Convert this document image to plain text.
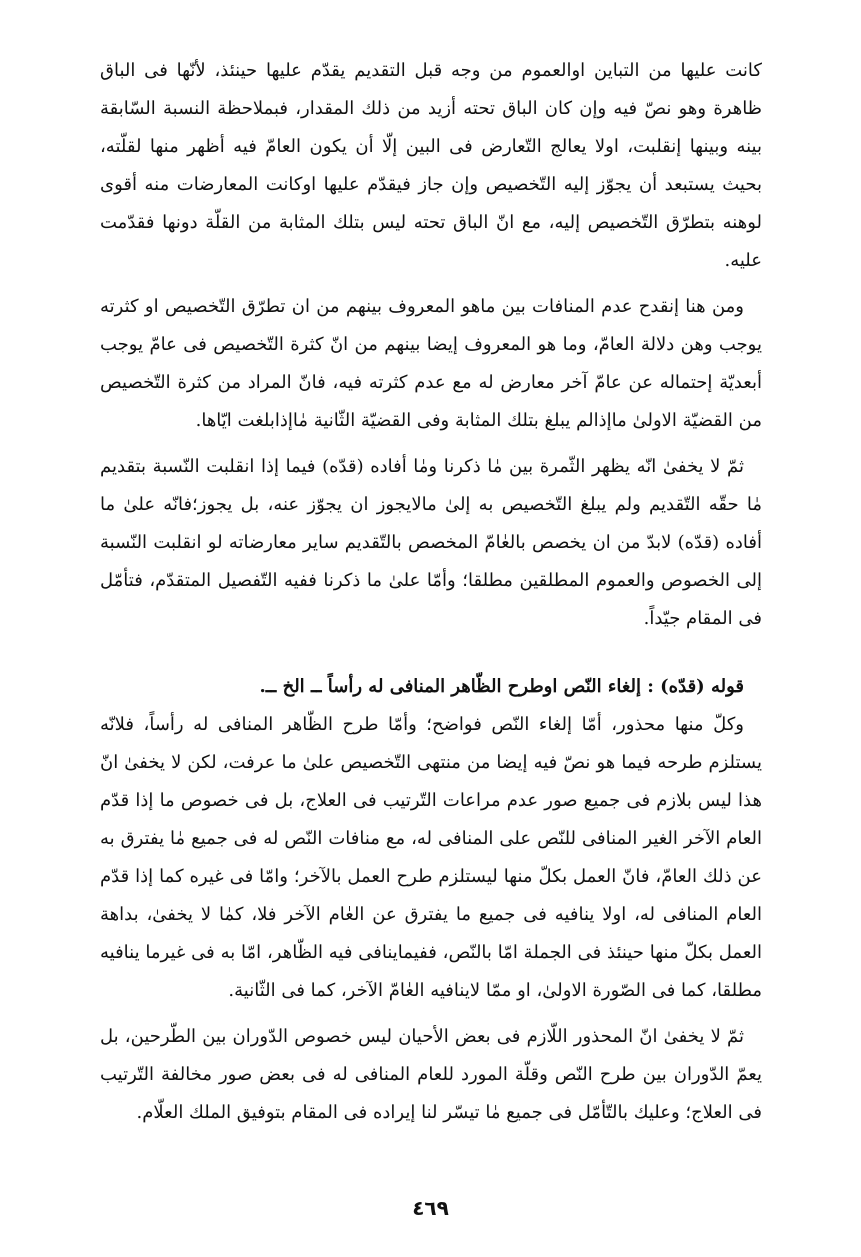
كانت عليها من التباين اوالعموم من وجه قبل التقديم يقدّم عليها حينئذ، لأنّها فى الباق ظاهرة وهو نصّ فيه وإن كان الباق تحته أزيد من ذلك المقدار، فبملاحظة النسبة السّابقة بينه وبينها إنقلبت، اولا يعالج التّعارض فى البين إلّا أن يكون العامّ فيه أظهر منها لقلّته، بحيث يستبعد أن يجوّز إليه التّخصيص وإن جاز فيقدّم عليها اوكانت المعارضات منه أقوى لوهنه بتطرّق التّخصيص إليه، مع انّ الباق تحته ليس بتلك المثابة من القلّة دونها فقدّمت عليه.

ومن هنا إنقدح عدم المنافات بين ماهو المعروف بينهم من ان تطرّق التّخصيص او كثرته يوجب وهن دلالة العامّ، وما هو المعروف إيضا بينهم من انّ كثرة التّخصيص فى عامّ يوجب أبعديّة إحتماله عن عامّ آخر معارض له مع عدم كثرته فيه، فانّ المراد من كثرة التّخصيص من القضيّة الاولىٰ ماإذالم يبلغ بتلك المثابة وفى القضيّة الثّانية مٰاإذابلغت ايّاها.

ثمّ لا يخفىٰ انّه يظهر الثّمرة بين مٰا ذكرنا ومٰا أفاده (قدّه) فيما إذا انقلبت النّسبة بتقديم مٰا حقّه التّقديم ولم يبلغ التّخصيص به إلىٰ مالايجوز ان يجوّز عنه، بل يجوز؛فانّه علىٰ ما أفاده (قدّه) لابدّ من ان يخصص بالعٰامّ المخصص بالتّقديم ساير معارضاته لو انقلبت النّسبة إلى الخصوص والعموم المطلقين مطلقا؛ وأمّا علىٰ ما ذكرنا ففيه التّفصيل المتقدّم، فتأمّل فى المقام جيّداً.

قوله (قدّه) : إلغاء النّص اوطرح الظّاهر المنافى له رأساً ــ الخ ــ.

وكلّ منها محذور، أمّا إلغاء النّص فواضح؛ وأمّا طرح الظّاهر المنافى له رأساً، فلانّه يستلزم طرحه فيما هو نصّ فيه إيضا من منتهى التّخصيص علىٰ ما عرفت، لكن لا يخفىٰ انّ هذا ليس بلازم فى جميع صور عدم مراعات التّرتيب فى العلاج، بل فى خصوص ما إذا قدّم العام الآخر الغير المنافى للنّص على المنافى له، مع منافات النّص له فى جميع مٰا يفترق به عن ذلك العامّ، فانّ العمل بكلّ منها ليستلزم طرح العمل بالآخر؛ وامّا فى غيره كما إذا قدّم العام المنافى له، اولا ينافيه فى جميع ما يفترق عن العٰام الآخر فلا، كمٰا لا يخفىٰ، بداهة العمل بكلّ منها حينئذ فى الجملة امّا بالنّص، ففيماينافى فيه الظّاهر، امّا به فى غيرما ينافيه مطلقا، كما فى الصّورة الاولىٰ، او ممّا لاينافيه العٰامّ الآخر، كما فى الثّانية.

ثمّ لا يخفىٰ انّ المحذور اللّازم فى بعض الأحيان ليس خصوص الدّوران بين الطّرحين، بل يعمّ الدّوران بين طرح النّص وقلّة المورد للعام المنافى له فى بعض صور مخالفة التّرتيب فى العلاج؛ وعليك بالتّأمّل فى جميع مٰا تيسّر لنا إيراده فى المقام بتوفيق الملك العلّام.

٤٦٩
